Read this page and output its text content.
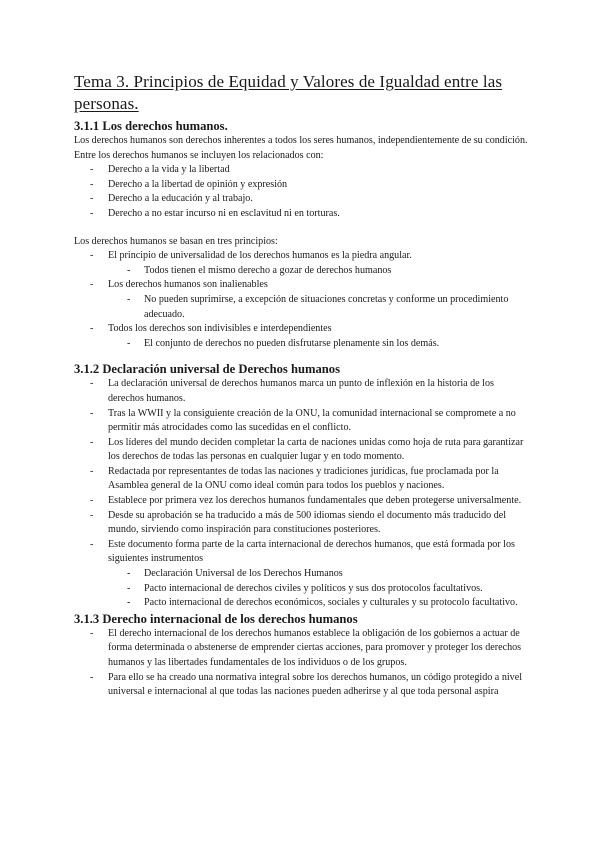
Tema 3. Principios de Equidad y Valores de Igualdad entre las personas.
3.1.1 Los derechos humanos.

Los derechos humanos son derechos inherentes a todos los seres humanos, independientemente de su condición. Entre los derechos humanos se incluyen los relacionados con:

- Derecho a la vida y la libertad
- Derecho a la libertad de opinión y expresión
- Derecho a la educación y al trabajo.
- Derecho a no estar incurso ni en esclavitud ni en torturas.

Los derechos humanos se basan en tres principios:

- El principio de universalidad de los derechos humanos es la piedra angular.
- Todos tienen el mismo derecho a gozar de derechos humanos
- Los derechos humanos son inalienables
- No pueden suprimirse, a excepción de situaciones concretas y conforme un procedimiento adecuado.
- Todos los derechos son indivisibles e interdependientes
- El conjunto de derechos no pueden disfrutarse plenamente sin los demás.
3.1.2 Declaración universal de Derechos humanos
- La declaración universal de derechos humanos marca un punto de inflexión en la historia de los derechos humanos.
- Tras la WWII y la consiguiente creación de la ONU, la comunidad internacional se compromete a no permitir más atrocidades como las sucedidas en el conflicto.
- Los líderes del mundo deciden completar la carta de naciones unidas como hoja de ruta para garantizar los derechos de todas las personas en cualquier lugar y en todo momento.
- Redactada por representantes de todas las naciones y tradiciones jurídicas, fue proclamada por la Asamblea general de la ONU como ideal común para todos los pueblos y naciones.
- Establece por primera vez los derechos humanos fundamentales que deben protegerse universalmente.
- Desde su aprobación se ha traducido a más de 500 idiomas siendo el documento más traducido del mundo, sirviendo como inspiración para constituciones posteriores.
- Este documento forma parte de la carta internacional de derechos humanos, que está formada por los siguientes instrumentos
- Declaración Universal de los Derechos Humanos
- Pacto internacional de derechos civiles y políticos y sus dos protocolos facultativos.
- Pacto internacional de derechos económicos, sociales y culturales y su protocolo facultativo.
3.1.3 Derecho internacional de los derechos humanos
- El derecho internacional de los derechos humanos establece la obligación de los gobiernos a actuar de forma determinada o abstenerse de emprender ciertas acciones, para promover y proteger los derechos humanos y las libertades fundamentales de los individuos o de los grupos.
- Para ello se ha creado una normativa integral sobre los derechos humanos, un código protegido a nivel universal e internacional al que todas las naciones pueden adherirse y al que toda personal aspira
